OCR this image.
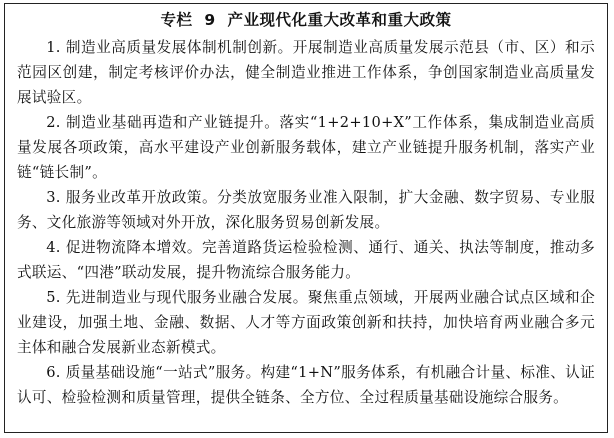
专栏 9 产业现代化重大改革和重大政策

1. 制造业高质量发展体制机制创新。开展制造业高质量发展示范县（市、区）和示范园区创建，制定考核评价办法，健全制造业推进工作体系，争创国家制造业高质量发展试验区。

2. 制造业基础再造和产业链提升。落实“1+2+10+X”工作体系，集成制造业高质量发展各项政策，高水平建设产业创新服务载体，建立产业链提升服务机制，落实产业链“链长制”。

3. 服务业改革开放政策。分类放宽服务业准入限制，扩大金融、数字贸易、专业服务、文化旅游等领域对外开放，深化服务贸易创新发展。

4. 促进物流降本增效。完善道路货运检验检测、通行、通关、执法等制度，推动多式联运、“四港”联动发展，提升物流综合服务能力。

5. 先进制造业与现代服务业融合发展。聚焦重点领域，开展两业融合试点区域和企业建设，加强土地、金融、数据、人才等方面政策创新和扶持，加快培育两业融合多元主体和融合发展新业态新模式。

6. 质量基础设施“一站式”服务。构建“1+N”服务体系，有机融合计量、标准、认证认可、检验检测和质量管理，提供全链条、全方位、全过程质量基础设施综合服务。
